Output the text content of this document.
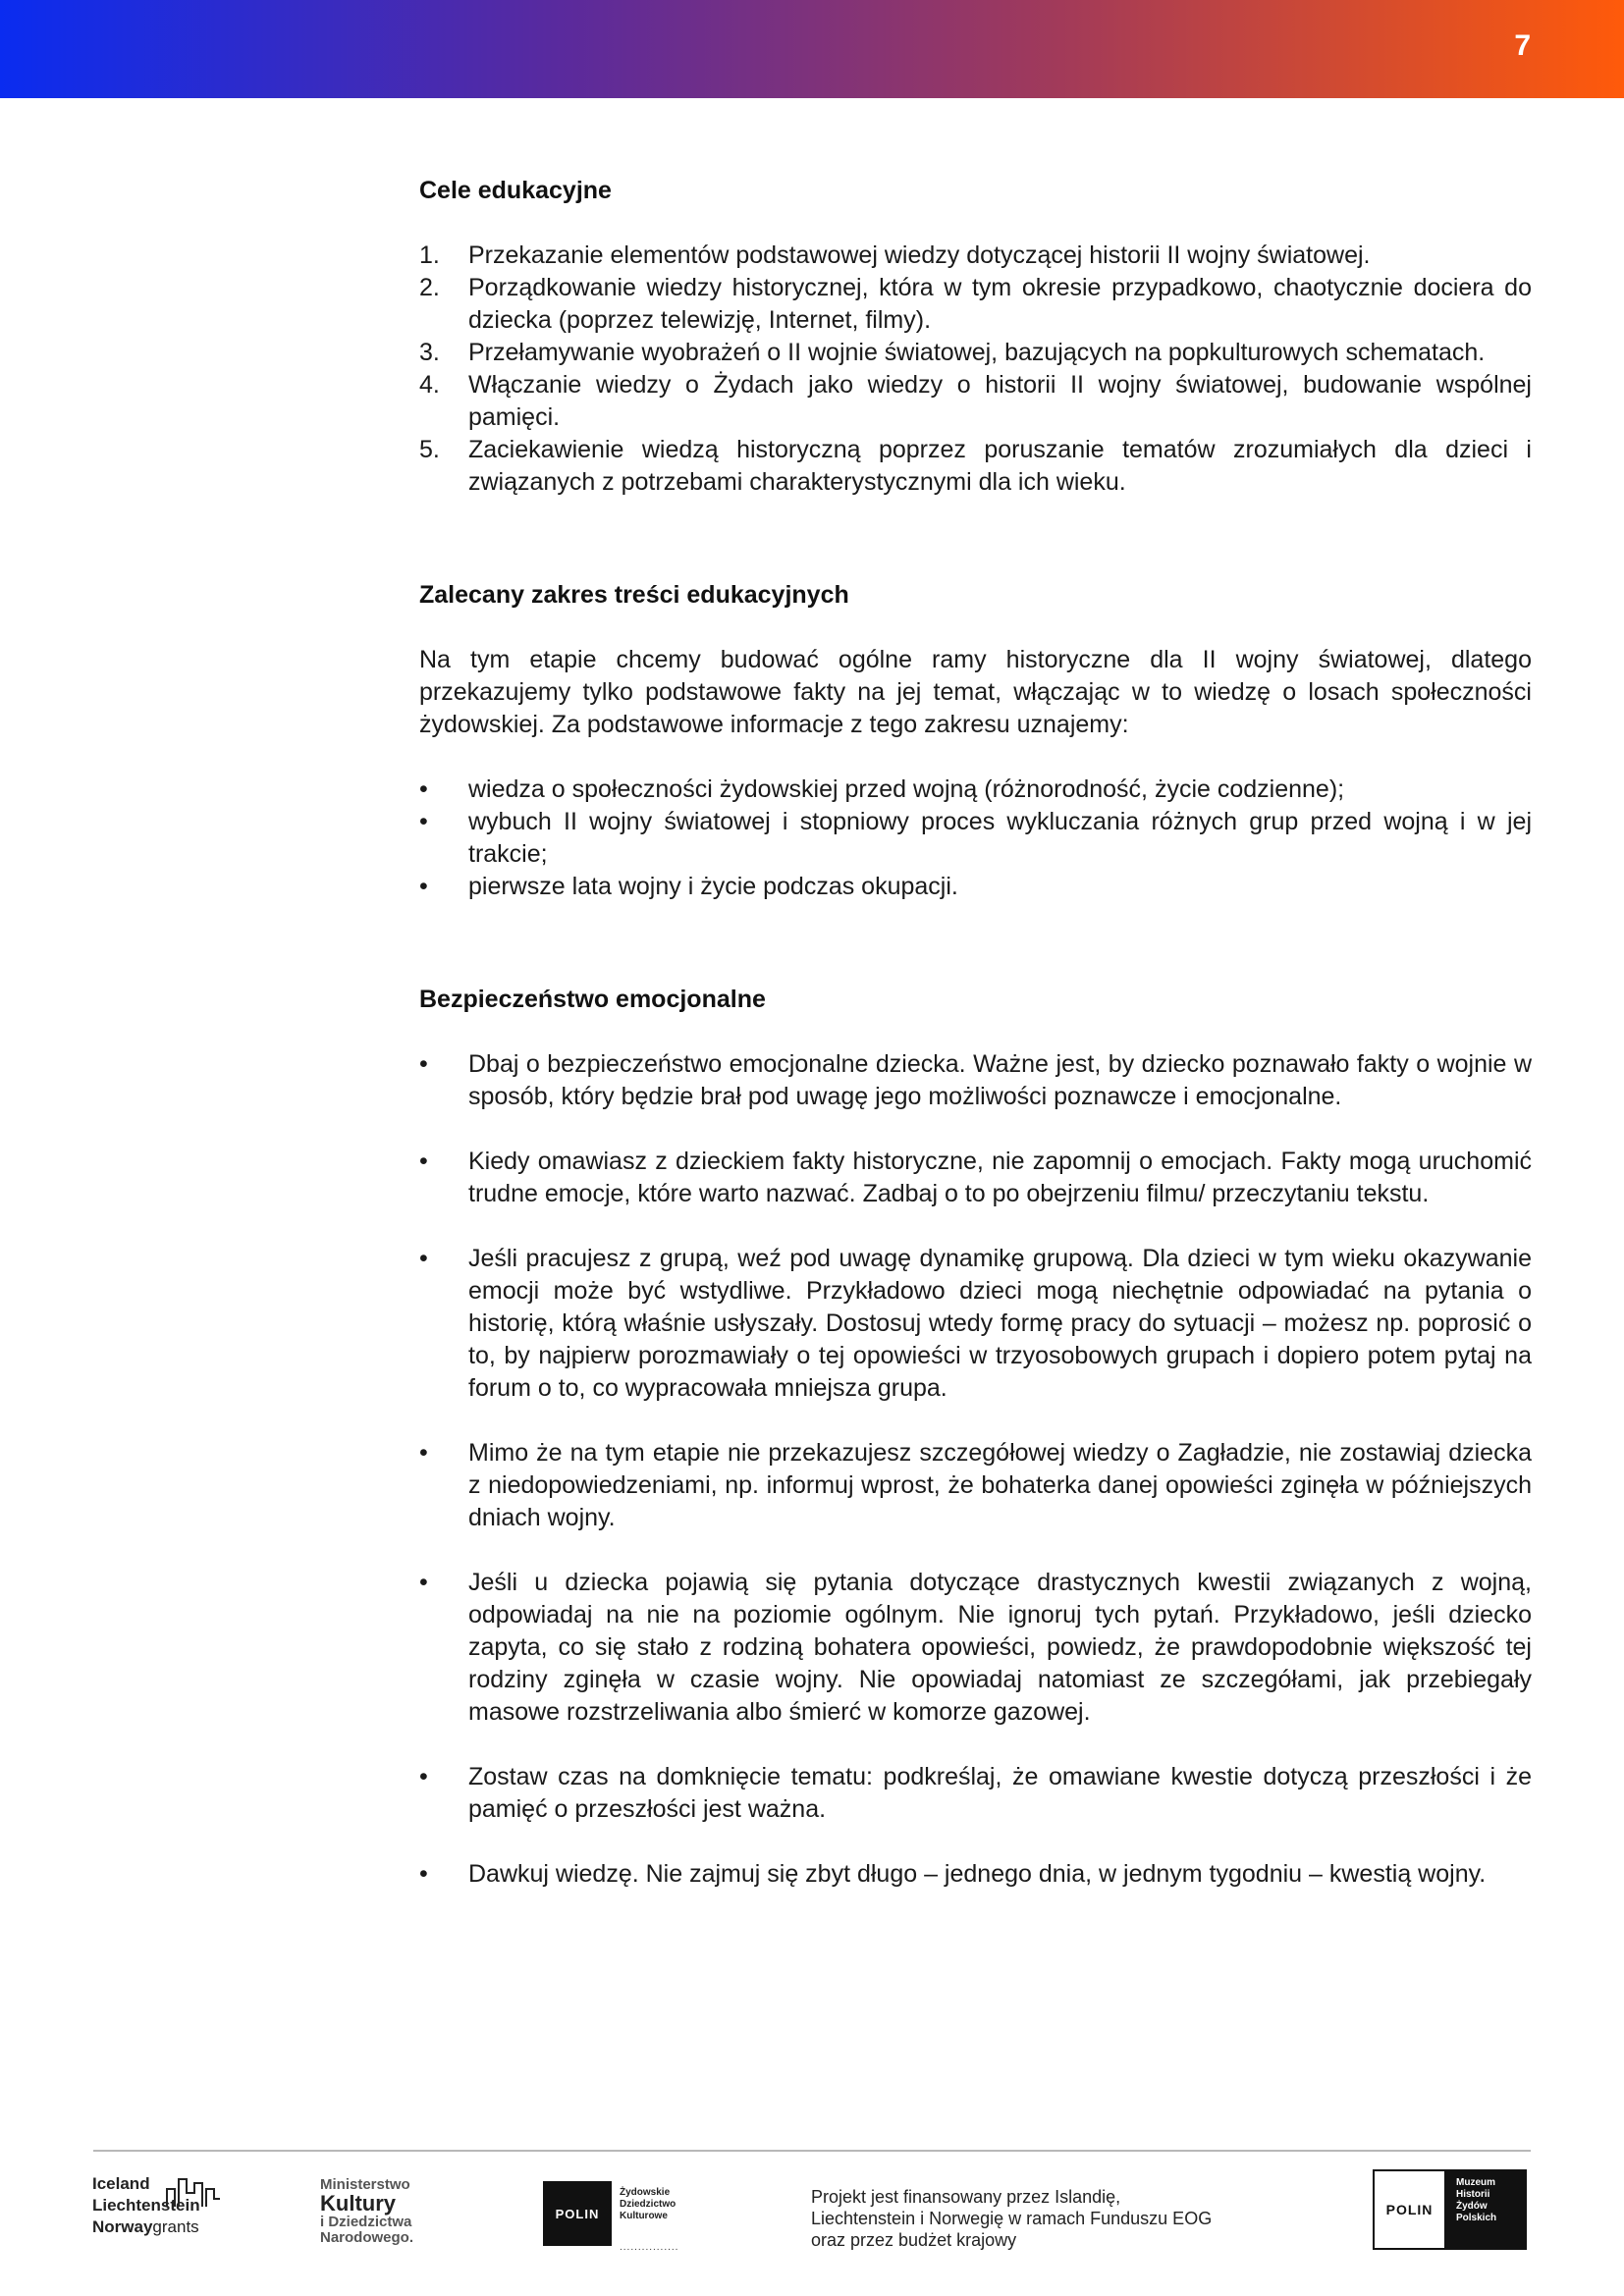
7
Cele edukacyjne
1.	Przekazanie elementów podstawowej wiedzy dotyczącej historii II wojny światowej.
2.	Porządkowanie wiedzy historycznej, która w tym okresie przypadkowo, chaotycznie dociera do dziecka (poprzez telewizję, Internet, filmy).
3.	Przełamywanie wyobrażeń o II wojnie światowej, bazujących na popkulturowych schematach.
4.	Włączanie wiedzy o Żydach jako wiedzy o historii II wojny światowej, budowanie wspólnej pamięci.
5.	Zaciekawienie wiedzą historyczną poprzez poruszanie tematów zrozumiałych dla dzieci i związanych z potrzebami charakterystycznymi dla ich wieku.
Zalecany zakres treści edukacyjnych

Na tym etapie chcemy budować ogólne ramy historyczne dla II wojny światowej, dlatego przekazujemy tylko podstawowe fakty na jej temat, włączając w to wiedzę o losach społeczności żydowskiej. Za podstawowe informacje z tego zakresu uznajemy:

•	wiedza o społeczności żydowskiej przed wojną (różnorodność, życie codzienne);
•	wybuch II wojny światowej i stopniowy proces wykluczania różnych grup przed wojną i w jej trakcie;
•	pierwsze lata wojny i życie podczas okupacji.
Bezpieczeństwo emocjonalne
•	Dbaj o bezpieczeństwo emocjonalne dziecka. Ważne jest, by dziecko poznawało fakty o wojnie w sposób, który będzie brał pod uwagę jego możliwości poznawcze i emocjonalne.
•	Kiedy omawiasz z dzieckiem fakty historyczne, nie zapomnij o emocjach. Fakty mogą uruchomić trudne emocje, które warto nazwać. Zadbaj o to po obejrzeniu filmu/ przeczytaniu tekstu.
•	Jeśli pracujesz z grupą, weź pod uwagę dynamikę grupową. Dla dzieci w tym wieku okazywanie emocji może być wstydliwe. Przykładowo dzieci mogą niechętnie odpowiadać na pytania o historię, którą właśnie usłyszały. Dostosuj wtedy formę pracy do sytuacji – możesz np. poprosić o to, by najpierw porozmawiały o tej opowieści w trzyosobowych grupach i dopiero potem pytaj na forum o to, co wypracowała mniejsza grupa.
•	Mimo że na tym etapie nie przekazujesz szczegółowej wiedzy o Zagładzie, nie zostawiaj dziecka z niedopowiedzeniami, np. informuj wprost, że bohaterka danej opowieści zginęła w późniejszych dniach wojny.
•	Jeśli u dziecka pojawią się pytania dotyczące drastycznych kwestii związanych z wojną, odpowiadaj na nie na poziomie ogólnym. Nie ignoruj tych pytań. Przykładowo, jeśli dziecko zapyta, co się stało z rodziną bohatera opowieści, powiedz, że prawdopodobnie większość tej rodziny zginęła w czasie wojny. Nie opowiadaj natomiast ze szczegółami, jak przebiegały masowe rozstrzeliwania albo śmierć w komorze gazowej.
•	Zostaw czas na domknięcie tematu: podkreślaj, że omawiane kwestie dotyczą przeszłości i że pamięć o przeszłości jest ważna.
•	Dawkuj wiedzę. Nie zajmuj się zbyt długo – jednego dnia, w jednym tygodniu – kwestią wojny.
Iceland
Liechtenstein
Norwaygrants
Ministerstwo
Kultury
i Dziedzictwa
Narodowego.
POLIN
Żydowskie
Dziedzictwo
Kulturowe
................
Projekt jest finansowany przez Islandię,
Liechtenstein i Norwegię w ramach Funduszu EOG
oraz przez budżet krajowy
POLIN
Muzeum
Historii
Żydów
Polskich
